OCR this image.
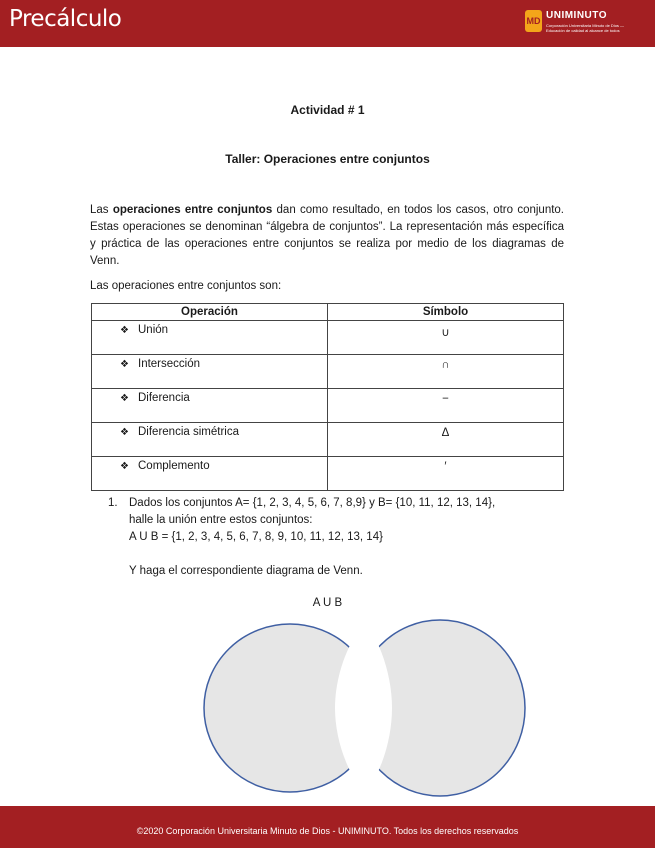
Precálculo	MD UNIMINUTO
Corporación Universitaria Minuto de Dios — Educación de calidad al alcance de todos
Actividad # 1
Taller: Operaciones entre conjuntos

Las operaciones entre conjuntos dan como resultado, en todos los casos, otro conjunto. Estas operaciones se denominan “álgebra de conjuntos”. La representación más específica y práctica de las operaciones entre conjuntos se realiza por medio de los diagramas de Venn.

Las operaciones entre conjuntos son:

Operación	Símbolo
❖ Unión	∪
❖ Intersección	∩
❖ Diferencia	−
❖ Diferencia simétrica	Δ
❖ Complemento	′
1. Dados los conjuntos A= {1, 2, 3, 4, 5, 6, 7, 8,9} y B= {10, 11, 12, 13, 14},
halle la unión entre estos conjuntos:
A U B = {1, 2, 3, 4, 5, 6, 7, 8, 9, 10, 11, 12, 13, 14}
Y haga el correspondiente diagrama de Venn.
A U B
©2020 Corporación Universitaria Minuto de Dios - UNIMINUTO. Todos los derechos reservados
